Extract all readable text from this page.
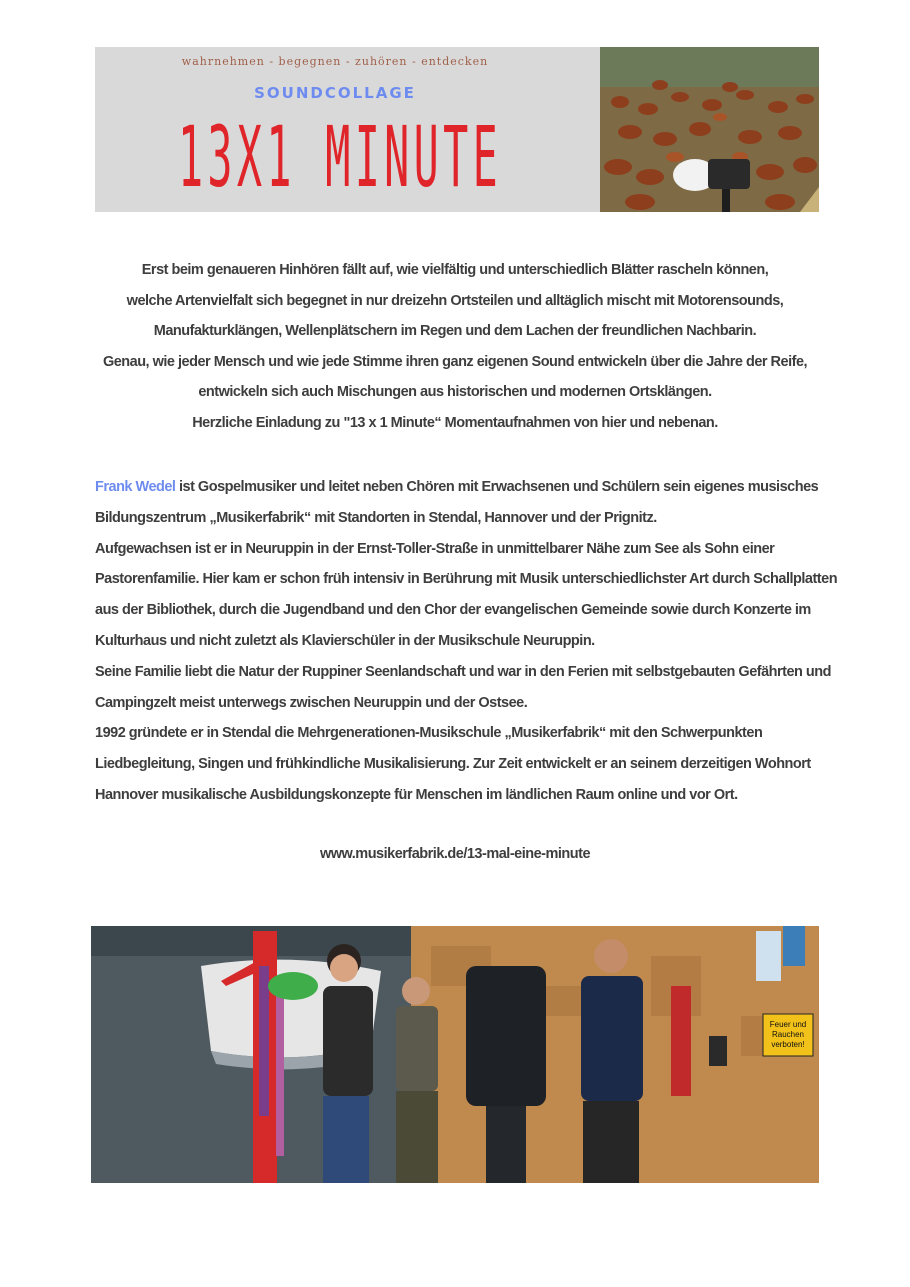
wahrnehmen - begegnen - zuhören - entdecken
SOUNDCOLLAGE
13X1 MINUTE
Erst beim genaueren Hinhören fällt auf, wie vielfältig und unterschiedlich Blätter rascheln können,
welche Artenvielfalt sich begegnet in nur dreizehn Ortsteilen und alltäglich mischt mit Motorensounds,
Manufakturklängen, Wellenplätschern im Regen und dem Lachen der freundlichen Nachbarin.
Genau, wie jeder Mensch und wie jede Stimme ihren ganz eigenen Sound entwickeln über die Jahre der Reife,
entwickeln sich auch Mischungen aus historischen und modernen Ortsklängen.
Herzliche Einladung zu "13 x 1 Minute“ Momentaufnahmen von hier und nebenan.
Frank Wedel ist Gospelmusiker und leitet neben Chören mit Erwachsenen und Schülern sein eigenes musisches
Bildungszentrum „Musikerfabrik“ mit Standorten in Stendal, Hannover und der Prignitz.
Aufgewachsen ist er in Neuruppin in der Ernst-Toller-Straße in unmittelbarer Nähe zum See als Sohn einer
Pastorenfamilie. Hier kam er schon früh intensiv in Berührung mit Musik unterschiedlichster Art durch Schallplatten
aus der Bibliothek, durch die Jugendband und den Chor der evangelischen Gemeinde sowie durch Konzerte im
Kulturhaus und nicht zuletzt als Klavierschüler in der Musikschule Neuruppin.
Seine Familie liebt die Natur der Ruppiner Seenlandschaft und war in den Ferien mit selbstgebauten Gefährten und
Campingzelt meist unterwegs zwischen Neuruppin und der Ostsee.
1992 gründete er in Stendal die Mehrgenerationen-Musikschule „Musikerfabrik“ mit den Schwerpunkten
Liedbegleitung, Singen und frühkindliche Musikalisierung. Zur Zeit entwickelt er an seinem derzeitigen Wohnort
Hannover musikalische Ausbildungskonzepte für Menschen im ländlichen Raum online und vor Ort.
www.musikerfabrik.de/13-mal-eine-minute
Feuer und
Rauchen
verboten!
